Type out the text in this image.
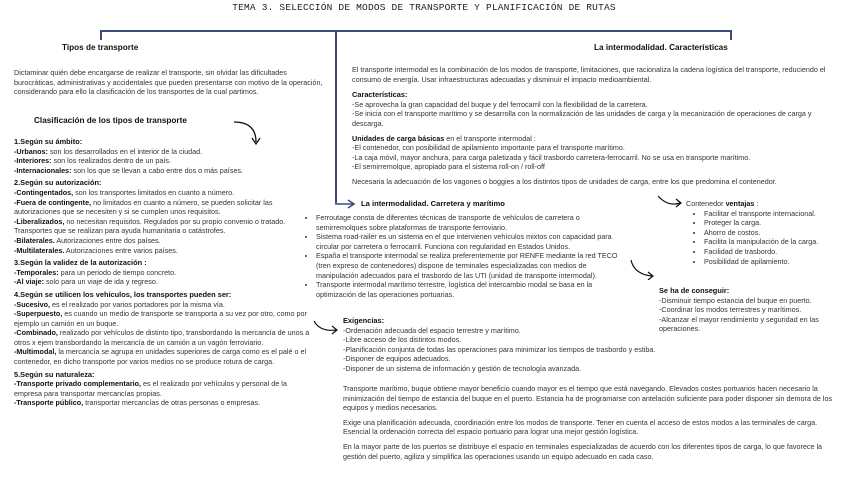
TEMA 3. SELECCIÓN DE MODOS DE TRANSPORTE Y PLANIFICACIÓN DE RUTAS
Tipos de transporte
Dictaminar quién debe encargarse de realizar el transporte, sin olvidar las dificultades burocráticas, administrativas y accidentales que pueden presentarse con motivo de la operación, considerando para ello la clasificación de los transportes de la cual partimos.
Clasificación de los tipos de transporte
1.Según su ámbito:
-Urbanos: son los desarrollados en el interior de la ciudad.
-Interiores: son los realizados dentro de un país.
-Internacionales: son los que se llevan a cabo entre dos o más países.
2.Según su autorización:
-Contingentados, son los transportes limitados en cuanto a número.
-Fuera de contingente, no limitados en cuanto a número, se pueden solicitar las autorizaciones que se necesiten y si se cumplen unos requisitos.
-Liberalizados, no necesitan requisitos. Regulados por su propio convenio o tratado. Transportes que se realizan para ayuda humanitaria o catástrofes.
-Bilaterales. Autorizaciones entre dos países.
-Multilaterales. Autorizaciones entre varios países.
3.Según la validez de la autorización :
-Temporales: para un periodo de tiempo concreto.
-Al viaje: solo para un viaje de ida y regreso.
4.Según se utilicen los vehículos, los transportes pueden ser:
-Sucesivo, es el realizado por varios portadores por la misma vía.
-Superpuesto, es cuando un medio de transporte se transporta a su vez por otro, como por ejemplo un camión en un buque.
-Combinado, realizado por vehículos de distinto tipo, transbordando la mercancía de unos a otros x ejem transbordando la mercancía de un camión a un vagón ferroviario.
-Multimodal, la mercancía se agrupa en unidades superiores de carga como es el palé o el contenedor, en dicho transporte por varios medios no se produce rotura de carga.
5.Según su naturaleza:
-Transporte privado complementario, es el realizado por vehículos y personal de la empresa para transportar mercancías propias.
-Transporte público, transportar mercancías de otras personas o empresas.
La intermodalidad. Características

El transporte intermodal es la combinación de los modos de transporte, limitaciones, que racionaliza la cadena logística del transporte, reduciendo el consumo de energía. Usar infraestructuras adecuadas y disminuir el impacto medioambiental.

Características:
-Se aprovecha la gran capacidad del buque y del ferrocarril con la flexibilidad de la carretera.
-Se inicia con el transporte marítimo y se desarrolla con la normalización de las unidades de carga y la mecanización de operaciones de carga y descarga.
Unidades de carga básicas en el transporte intermodal :
-El contenedor, con posibilidad de apilamiento importante para el transporte marítimo.
-La caja móvil, mayor anchura, para carga paletizada y fácil trasbordo carretera-ferrocarril. No se usa en transporte marítimo.
-El semirremolque, apropiado para el sistema roll-on / roll-off

Necesaria la adecuación de los vagones o boggies a los distintos tipos de unidades de carga, entre los que predomina el contenedor.

La intermodalidad. Carretera y marítimo
• Ferroutage consta de diferentes técnicas de transporte de vehículos de carretera o semirremolques sobre plataformas de transporte ferroviario.
• Sistema road-railer es un sistema en el que intervienen vehículos mixtos con capacidad para circular por carretera o ferrocarril. Funciona con regularidad en Estados Unidos.
• España el transporte intermodal se realiza preferentemente por RENFE mediante la red TECO (tren expreso de contenedores) dispone de terminales especializadas con medios de manipulación adecuados para el trasbordo de las UTI (unidad de transporte intermodal).
• Transporte intermodal marítimo terrestre, logística del intercambio modal se basa en la optimización de las operaciones portuarias.
Contenedor ventajas :
• Facilitar el transporte internacional.
• Proteger la carga.
• Ahorro de costos.
• Facilita la manipulación de la carga.
• Facilidad de trasbordo.
• Posibilidad de apilamiento.
Se ha de conseguir:
-Disminuir tiempo estancia del buque en puerto.
-Coordinar los modos terrestres y marítimos.
-Alcanzar el mayor rendimiento y seguridad en las operaciones.
Exigencias:
-Ordenación adecuada del espacio terrestre y marítimo.
-Libre acceso de los distintos modos.
-Planificación conjunta de todas las operaciones para minimizar los tiempos de trasbordo y estiba.
-Disponer de equipos adecuados.
-Disponer de un sistema de información y gestión de tecnología avanzada.

Transporte marítimo, buque obtiene mayor beneficio cuando mayor es el tiempo que está navegando. Elevados costes portuarios hacen necesario la minimización del tiempo de estancia del buque en el puerto. Estancia ha de programarse con antelación suficiente para poder disponer sin demora de los equipos y medios necesarios.

Exige una planificación adecuada, coordinación entre los modos de transporte. Tener en cuenta el acceso de estos modos a las terminales de carga. Esencial la ordenación correcta del espacio portuario para lograr una mejor gestión logística.

En la mayor parte de los puertos se distribuye el espacio en terminales especializadas de acuerdo con los diferentes tipos de carga, lo que favorece la gestión del puerto, agiliza y simplifica las operaciones usando un equipo adecuado en cada caso.
